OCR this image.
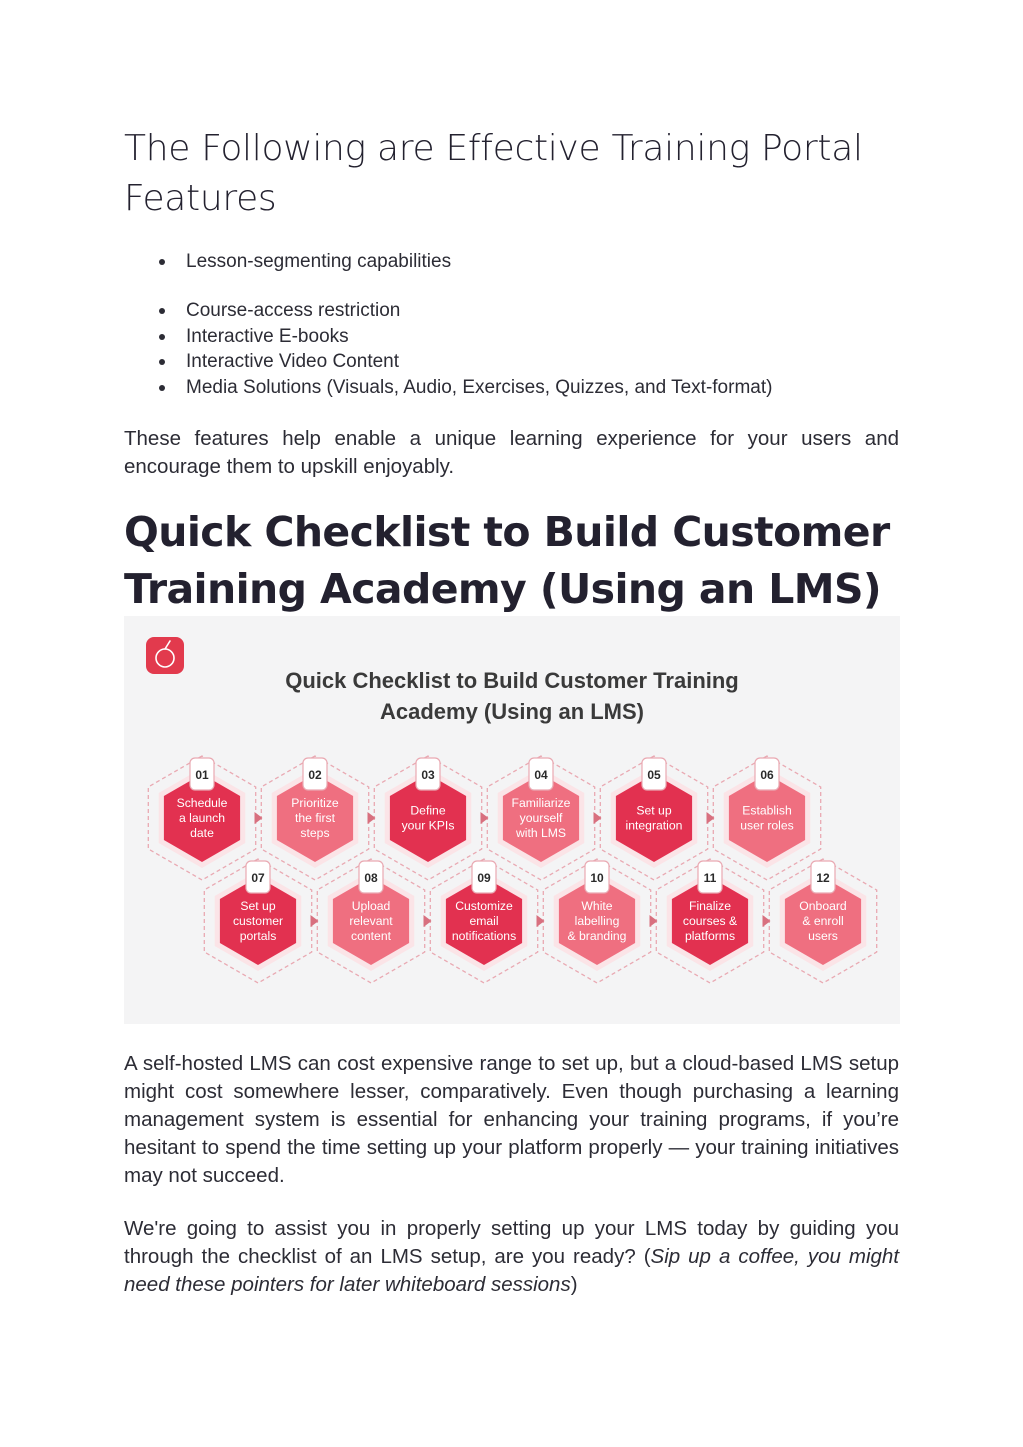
The Following are Effective Training Portal Features
Lesson-segmenting capabilities
Course-access restriction
Interactive E-books
Interactive Video Content
Media Solutions (Visuals, Audio, Exercises, Quizzes, and Text-format)

These features help enable a unique learning experience for your users and encourage them to upskill enjoyably.

Quick Checklist to Build Customer Training Academy (Using an LMS)
Quick Checklist to Build Customer Training
Academy (Using an LMS)
01
Schedule
a launch
date
02
Prioritize
the first
steps
03
Define
your KPIs
04
Familiarize
yourself
with LMS
05
Set up
integration
06
Establish
user roles
07
Set up
customer
portals
08
Upload
relevant
content
09
Customize
email
notifications
10
White
labelling
& branding
11
Finalize
courses &
platforms
12
Onboard
& enroll
users

A self-hosted LMS can cost expensive range to set up, but a cloud-based LMS setup might cost somewhere lesser, comparatively. Even though purchasing a learning management system is essential for enhancing your training programs, if you’re hesitant to spend the time setting up your platform properly — your training initiatives may not succeed.

We're going to assist you in properly setting up your LMS today by guiding you through the checklist of an LMS setup, are you ready? (Sip up a coffee, you might need these pointers for later whiteboard sessions)
